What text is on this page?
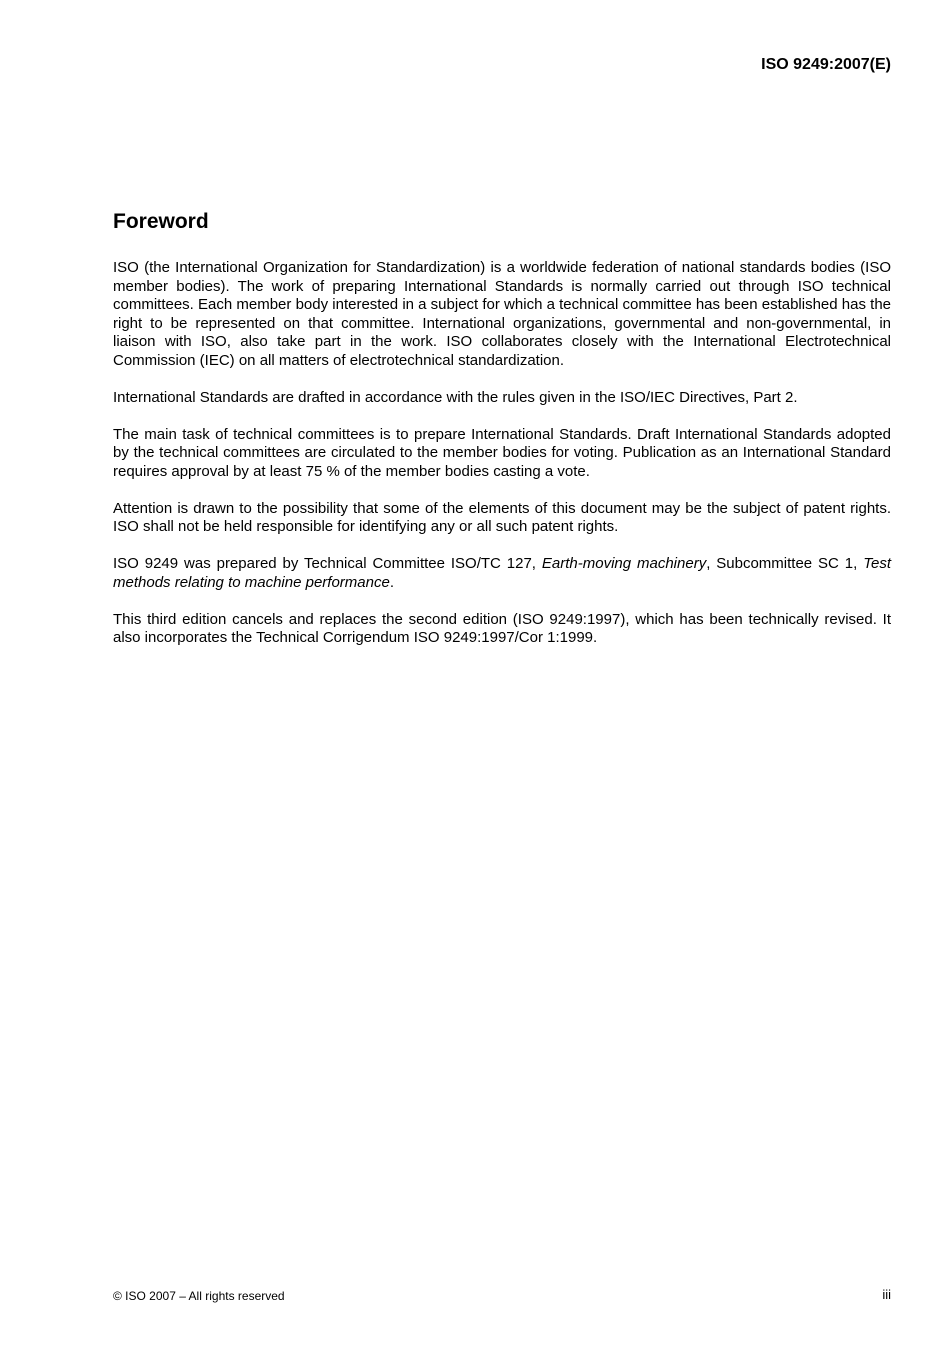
ISO 9249:2007(E)
Foreword

ISO (the International Organization for Standardization) is a worldwide federation of national standards bodies (ISO member bodies). The work of preparing International Standards is normally carried out through ISO technical committees. Each member body interested in a subject for which a technical committee has been established has the right to be represented on that committee. International organizations, governmental and non-governmental, in liaison with ISO, also take part in the work. ISO collaborates closely with the International Electrotechnical Commission (IEC) on all matters of electrotechnical standardization.

International Standards are drafted in accordance with the rules given in the ISO/IEC Directives, Part 2.

The main task of technical committees is to prepare International Standards. Draft International Standards adopted by the technical committees are circulated to the member bodies for voting. Publication as an International Standard requires approval by at least 75 % of the member bodies casting a vote.

Attention is drawn to the possibility that some of the elements of this document may be the subject of patent rights. ISO shall not be held responsible for identifying any or all such patent rights.

ISO 9249 was prepared by Technical Committee ISO/TC 127, Earth-moving machinery, Subcommittee SC 1, Test methods relating to machine performance.

This third edition cancels and replaces the second edition (ISO 9249:1997), which has been technically revised. It also incorporates the Technical Corrigendum ISO 9249:1997/Cor 1:1999.

© ISO 2007 – All rights reserved	iii
